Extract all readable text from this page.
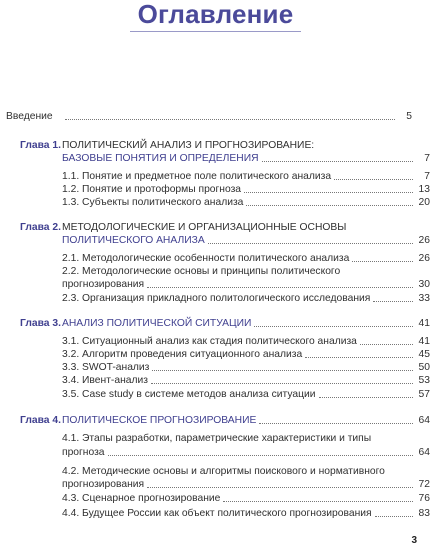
Оглавление
Введение	5
Глава 1. ПОЛИТИЧЕСКИЙ АНАЛИЗ И ПРОГНОЗИРОВАНИЕ:
БАЗОВЫЕ ПОНЯТИЯ И ОПРЕДЕЛЕНИЯ	7
1.1. Понятие и предметное поле политического анализа	7
1.2. Понятие и протоформы прогноза	13
1.3. Субъекты политического анализа	20
Глава 2. МЕТОДОЛОГИЧЕСКИЕ И ОРГАНИЗАЦИОННЫЕ ОСНОВЫ
ПОЛИТИЧЕСКОГО АНАЛИЗА	26
2.1. Методологические особенности политического анализа	26
2.2. Методологические основы и принципы политического
прогнозирования	30
2.3. Организация прикладного политологического исследования	33
Глава 3. АНАЛИЗ ПОЛИТИЧЕСКОЙ СИТУАЦИИ	41
3.1. Ситуационный анализ как стадия политического анализа	41
3.2. Алгоритм проведения ситуационного анализа	45
3.3. SWOT-анализ	50
3.4. Ивент-анализ	53
3.5. Case study в системе методов анализа ситуации	57
Глава 4. ПОЛИТИЧЕСКОЕ ПРОГНОЗИРОВАНИЕ	64
4.1. Этапы разработки, параметрические характеристики и типы
прогноза	64
4.2. Методические основы и алгоритмы поискового и нормативного
прогнозирования	72
4.3. Сценарное прогнозирование	76
4.4. Будущее России как объект политического прогнозирования	83
3
